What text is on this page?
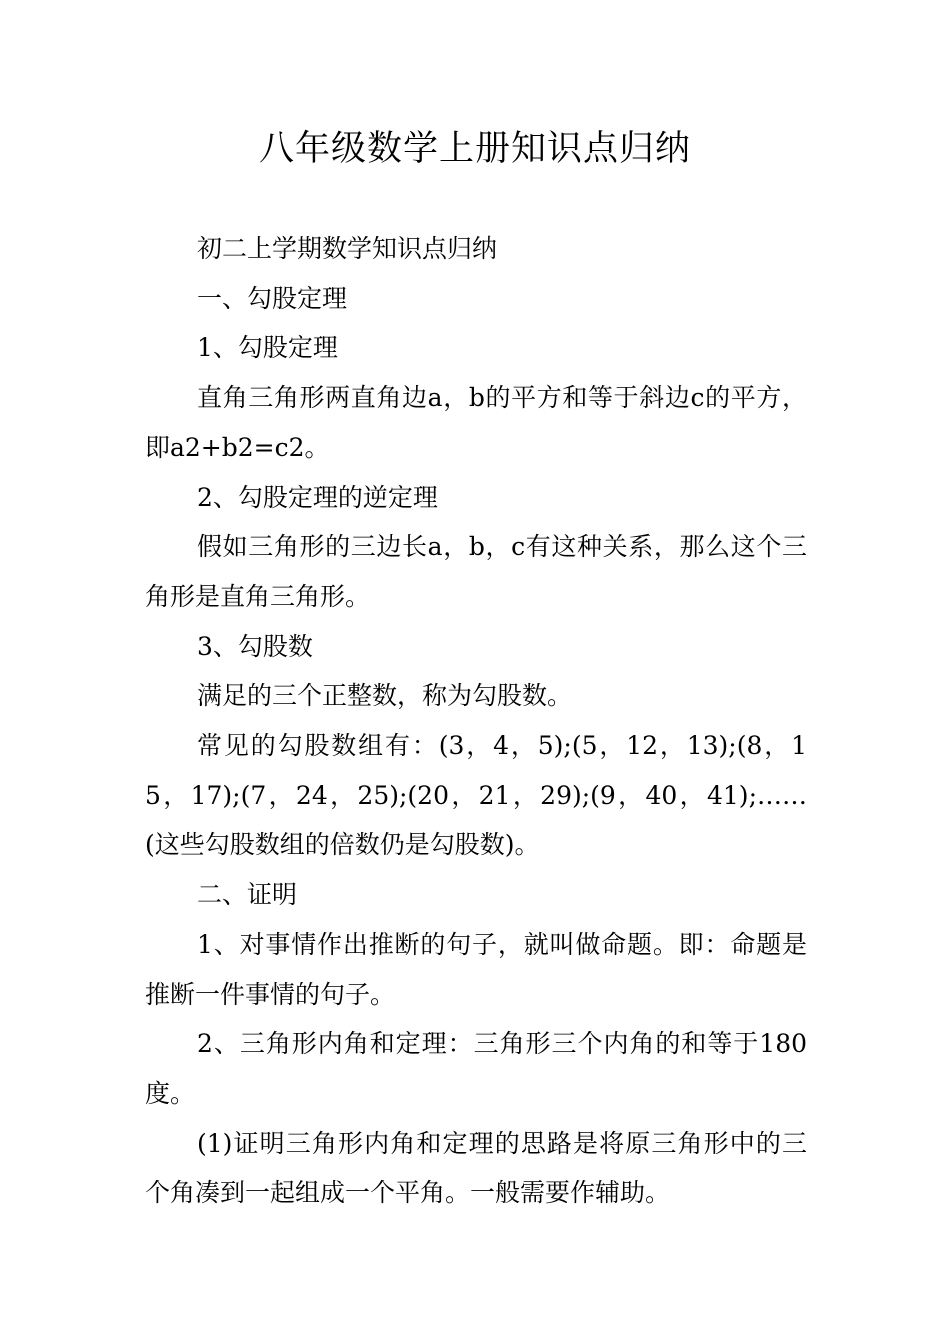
八年级数学上册知识点归纳

初二上学期数学知识点归纳

一、勾股定理

1、勾股定理

直角三角形两直角边a，b的平方和等于斜边c的平方，即a2+b2=c2。

2、勾股定理的逆定理

假如三角形的三边长a，b，c有这种关系，那么这个三角形是直角三角形。

3、勾股数

满足的三个正整数，称为勾股数。

常见的勾股数组有：(3，4，5);(5，12，13);(8，15，17);(7，24，25);(20，21，29);(9，40，41);……(这些勾股数组的倍数仍是勾股数)。

二、证明

1、对事情作出推断的句子，就叫做命题。即：命题是推断一件事情的句子。

2、三角形内角和定理：三角形三个内角的和等于180度。

(1)证明三角形内角和定理的思路是将原三角形中的三个角凑到一起组成一个平角。一般需要作辅助。
